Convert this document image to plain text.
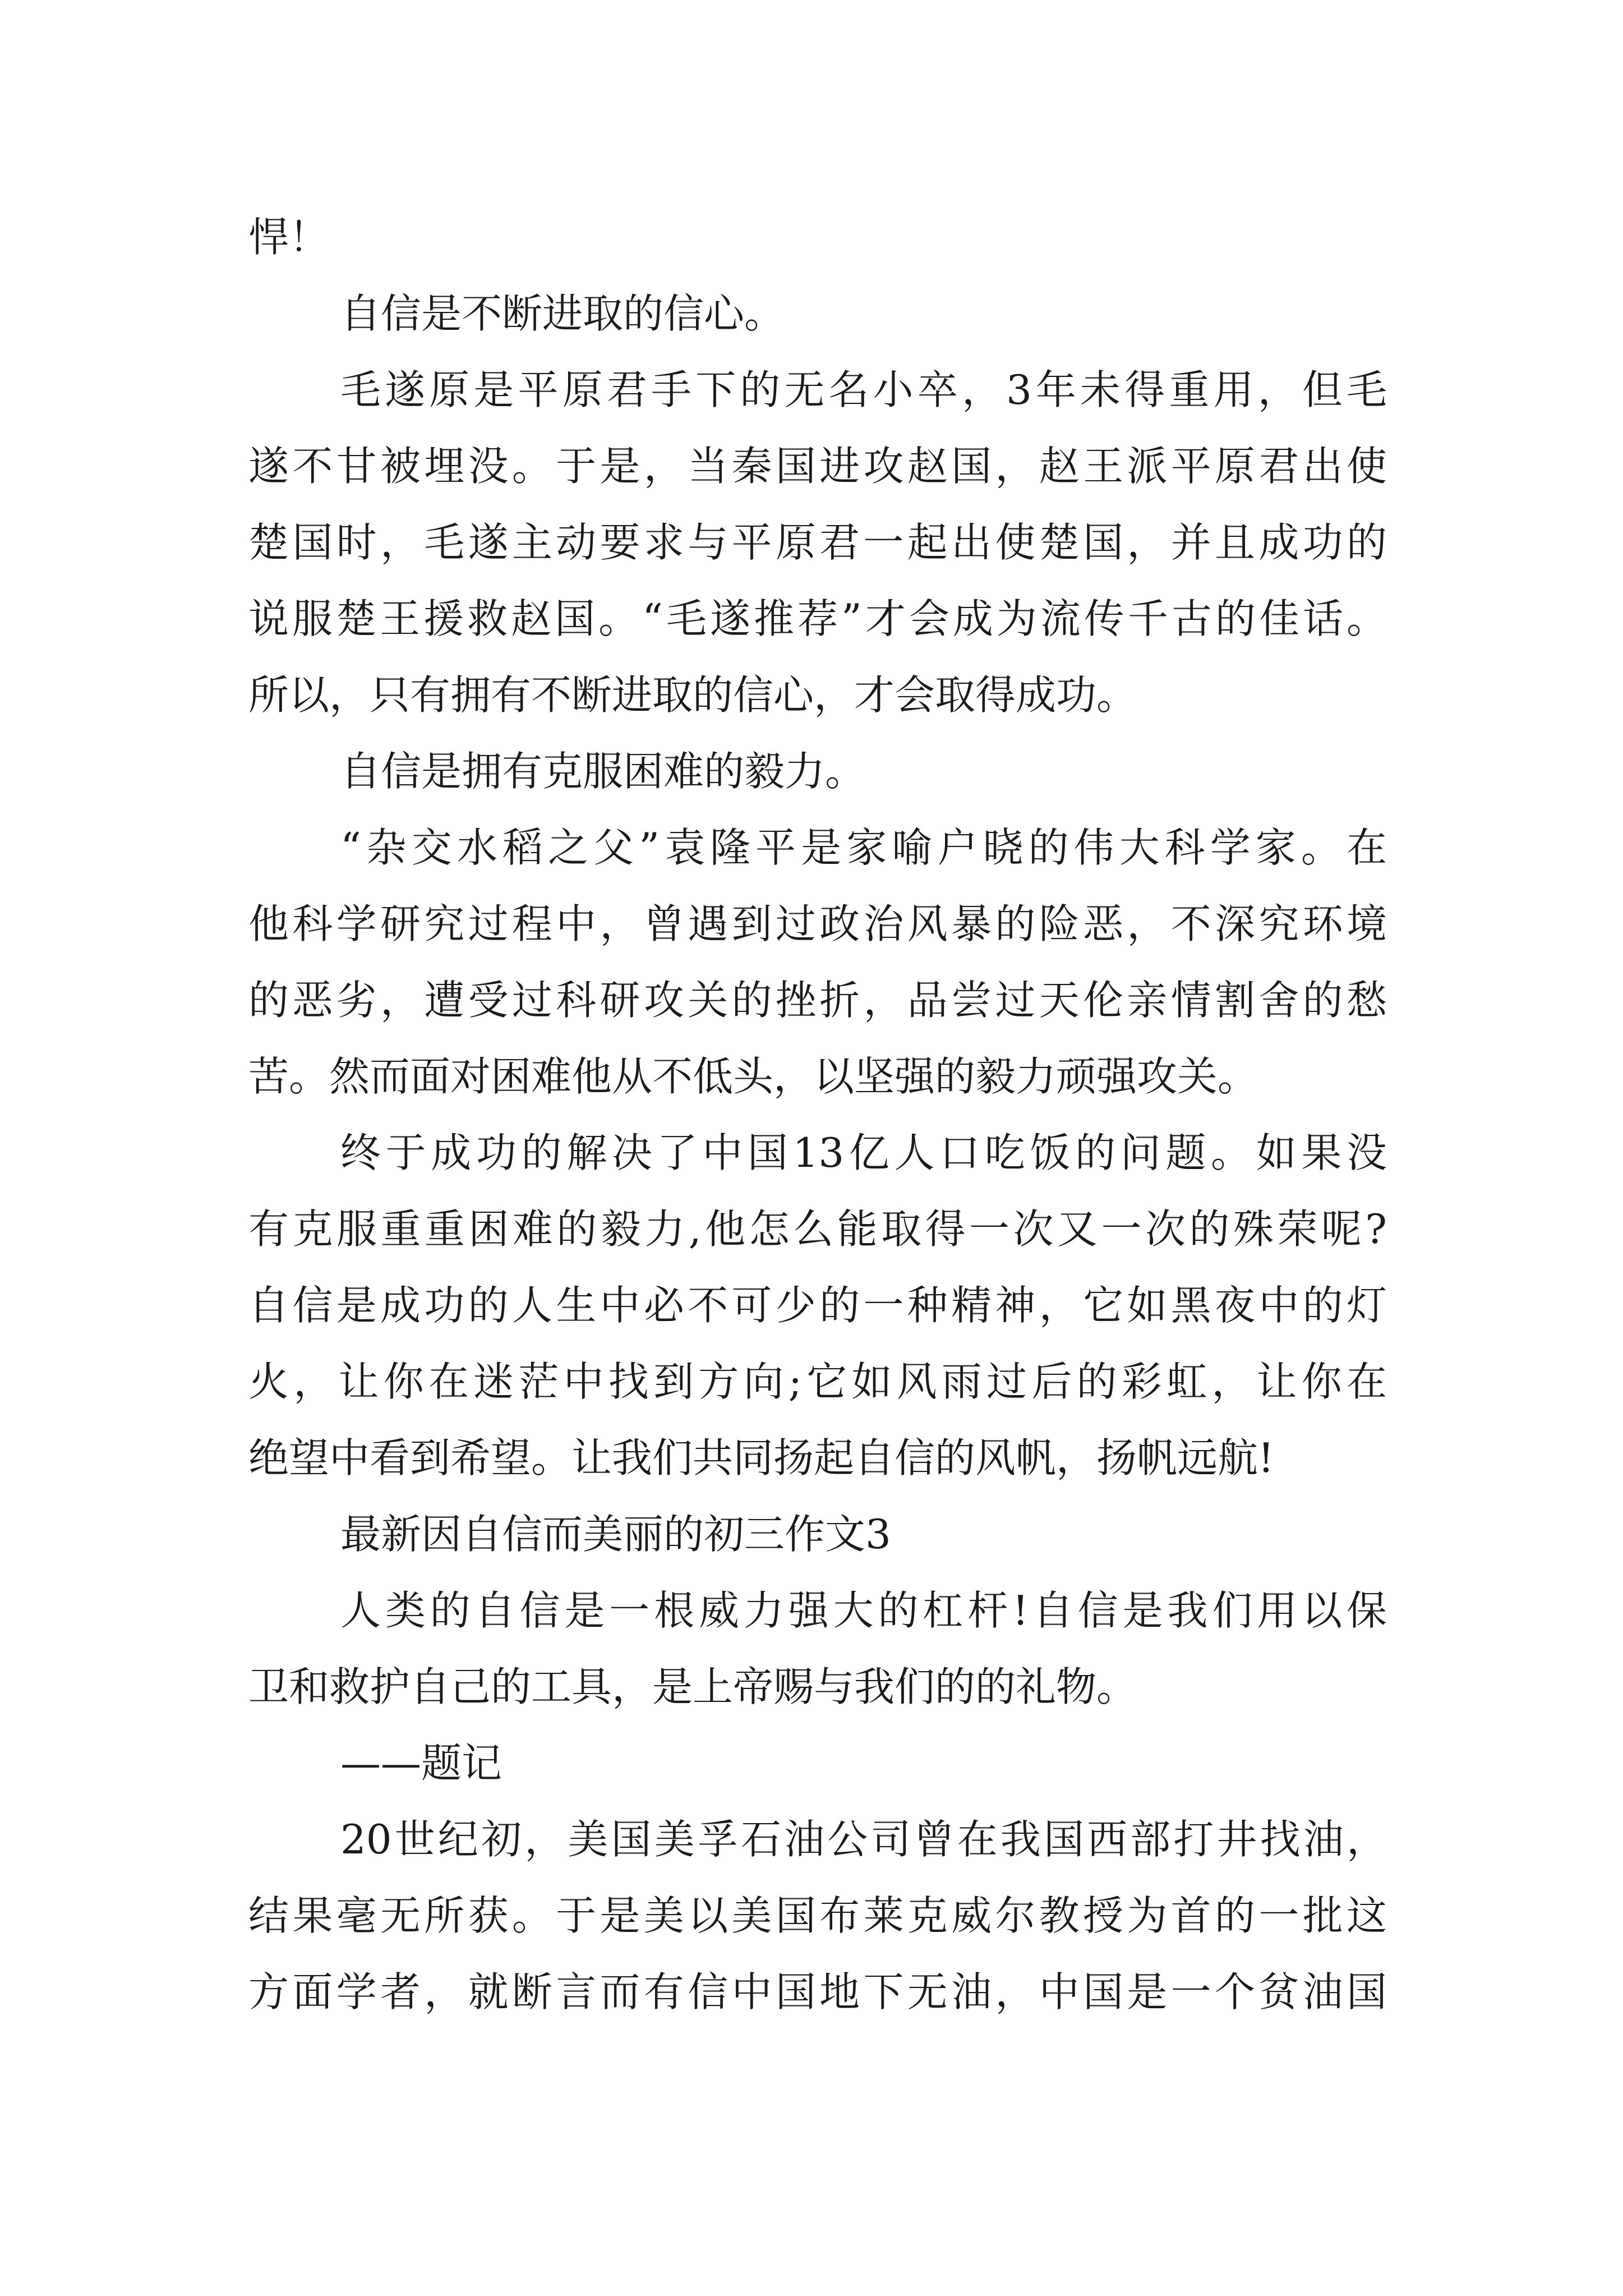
悍！
自信是不断进取的信心。
毛遂原是平原君手下的无名小卒，3年未得重用，但毛
遂不甘被埋没。于是，当秦国进攻赵国，赵王派平原君出使
楚国时，毛遂主动要求与平原君一起出使楚国，并且成功的
说服楚王援救赵国。“毛遂推荐”才会成为流传千古的佳话。
所以，只有拥有不断进取的信心，才会取得成功。
自信是拥有克服困难的毅力。
“杂交水稻之父”袁隆平是家喻户晓的伟大科学家。在
他科学研究过程中，曾遇到过政治风暴的险恶，不深究环境
的恶劣，遭受过科研攻关的挫折，品尝过天伦亲情割舍的愁
苦。然而面对困难他从不低头，以坚强的毅力顽强攻关。
终于成功的解决了中国13亿人口吃饭的问题。如果没
有克服重重困难的毅力,他怎么能取得一次又一次的殊荣呢?
自信是成功的人生中必不可少的一种精神，它如黑夜中的灯
火，让你在迷茫中找到方向;它如风雨过后的彩虹，让你在
绝望中看到希望。让我们共同扬起自信的风帆，扬帆远航!
最新因自信而美丽的初三作文3
人类的自信是一根威力强大的杠杆!自信是我们用以保
卫和救护自己的工具，是上帝赐与我们的的礼物。
——题记
20世纪初，美国美孚石油公司曾在我国西部打井找油，
结果毫无所获。于是美以美国布莱克威尔教授为首的一批这
方面学者，就断言而有信中国地下无油，中国是一个贫油国
